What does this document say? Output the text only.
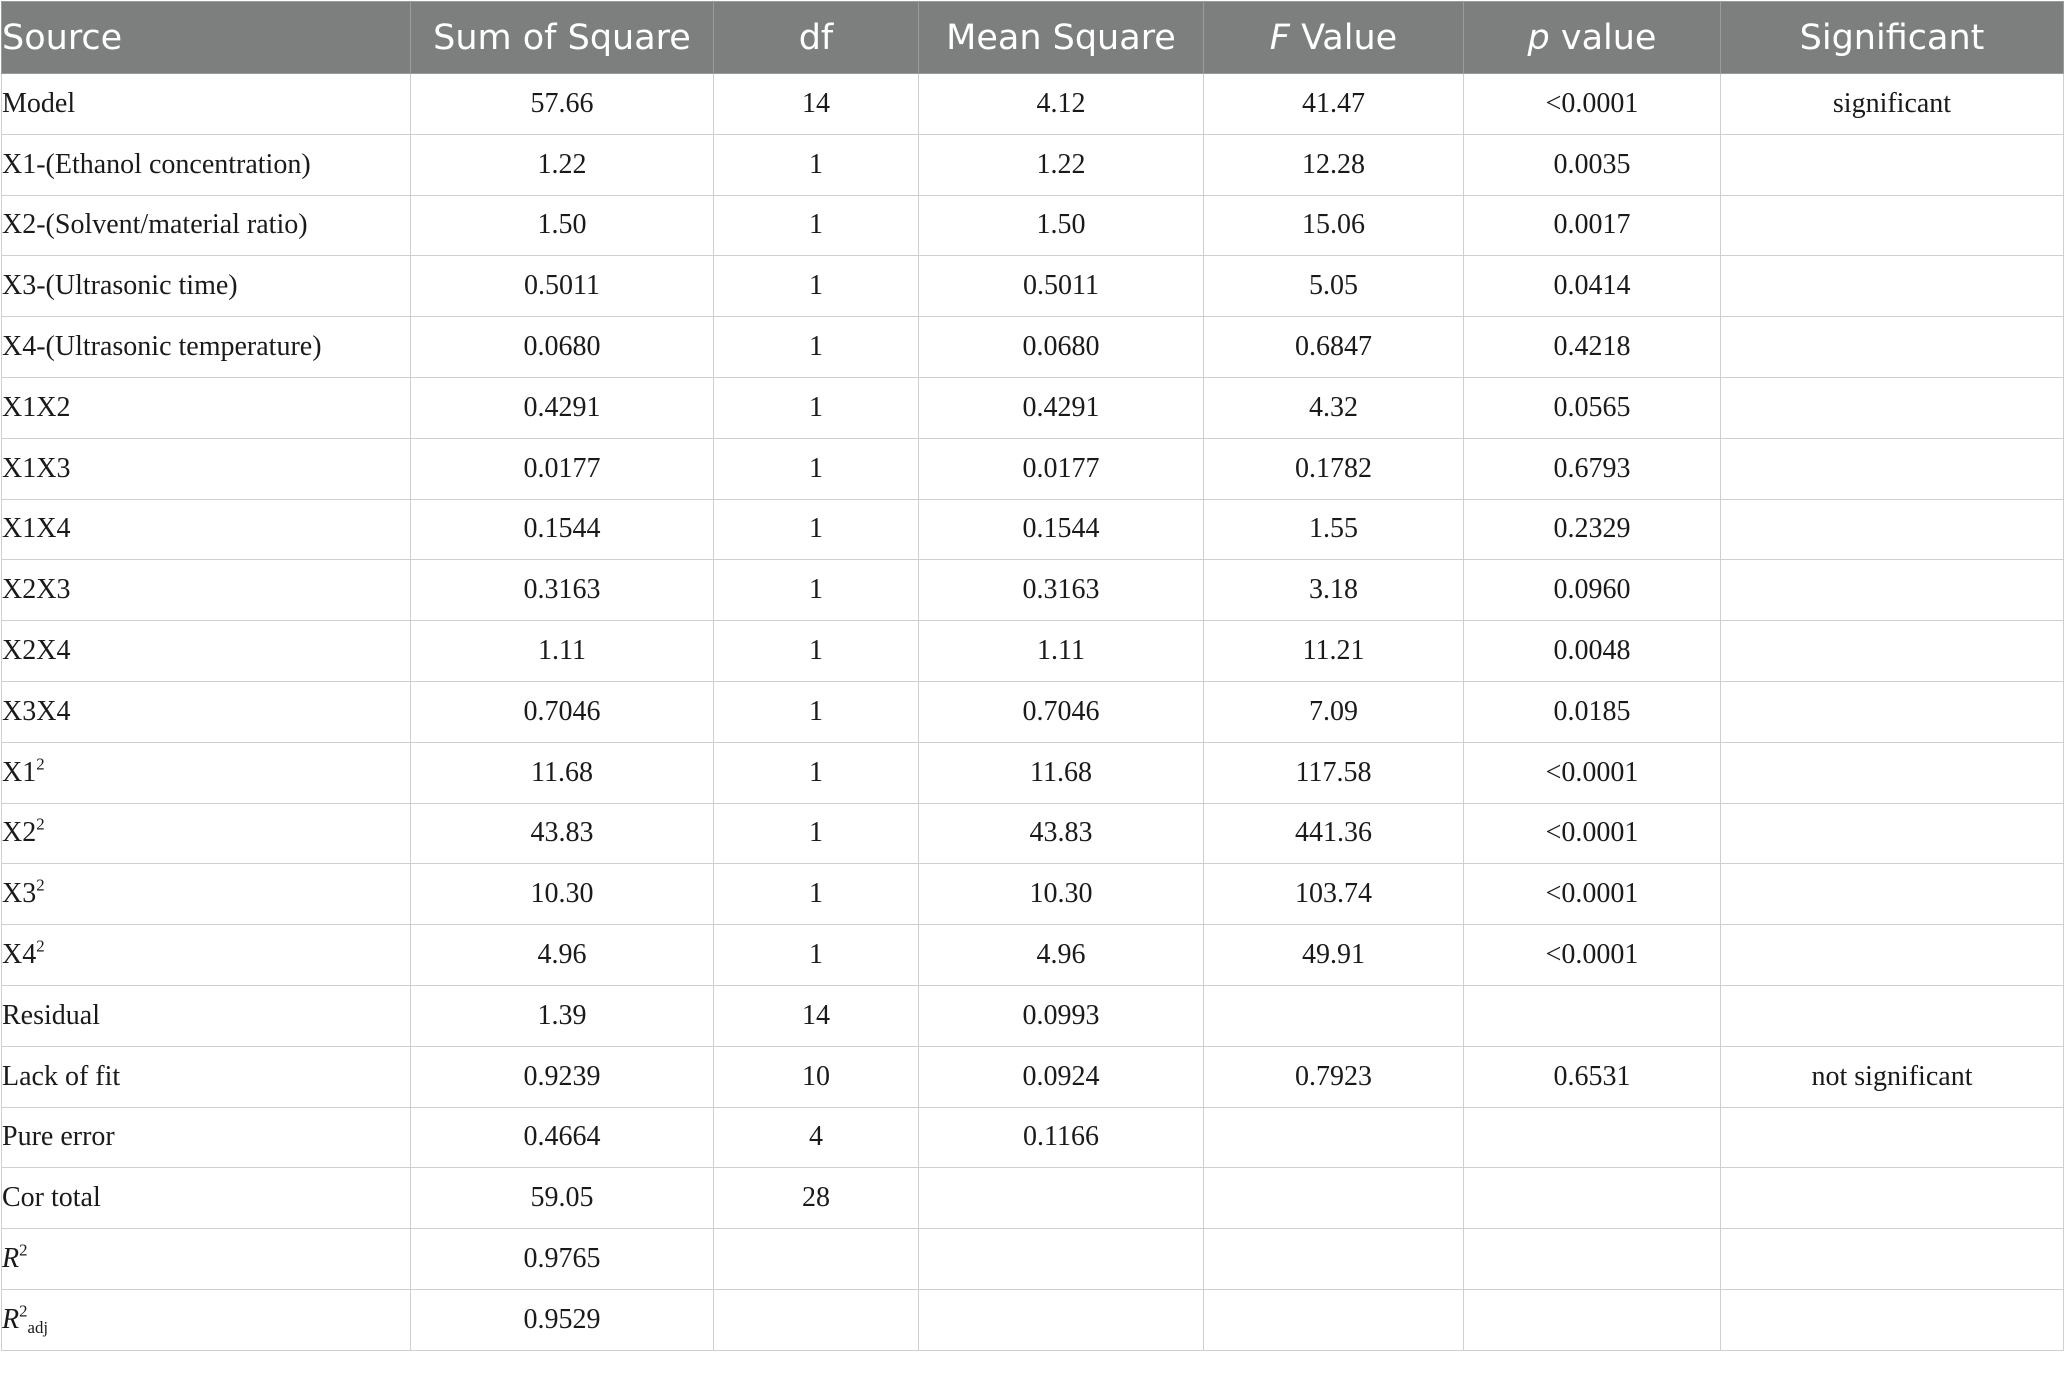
Source	Sum of Square	df	Mean Square	F Value	p value	Significant
Model	57.66	14	4.12	41.47	<0.0001	significant
X1-(Ethanol concentration)	1.22	1	1.22	12.28	0.0035	
X2-(Solvent/material ratio)	1.50	1	1.50	15.06	0.0017	
X3-(Ultrasonic time)	0.5011	1	0.5011	5.05	0.0414	
X4-(Ultrasonic temperature)	0.0680	1	0.0680	0.6847	0.4218	
X1X2	0.4291	1	0.4291	4.32	0.0565	
X1X3	0.0177	1	0.0177	0.1782	0.6793	
X1X4	0.1544	1	0.1544	1.55	0.2329	
X2X3	0.3163	1	0.3163	3.18	0.0960	
X2X4	1.11	1	1.11	11.21	0.0048	
X3X4	0.7046	1	0.7046	7.09	0.0185	
$X1^2$	11.68	1	11.68	117.58	<0.0001	
$X2^2$	43.83	1	43.83	441.36	<0.0001	
$X3^2$	10.30	1	10.30	103.74	<0.0001	
$X4^2$	4.96	1	4.96	49.91	<0.0001	
Residual	1.39	14	0.0993			
Lack of fit	0.9239	10	0.0924	0.7923	0.6531	not significant
Pure error	0.4664	4	0.1166			
Cor total	59.05	28				
$R^2$	0.9765					
$R^2_{adj}$	0.9529					
